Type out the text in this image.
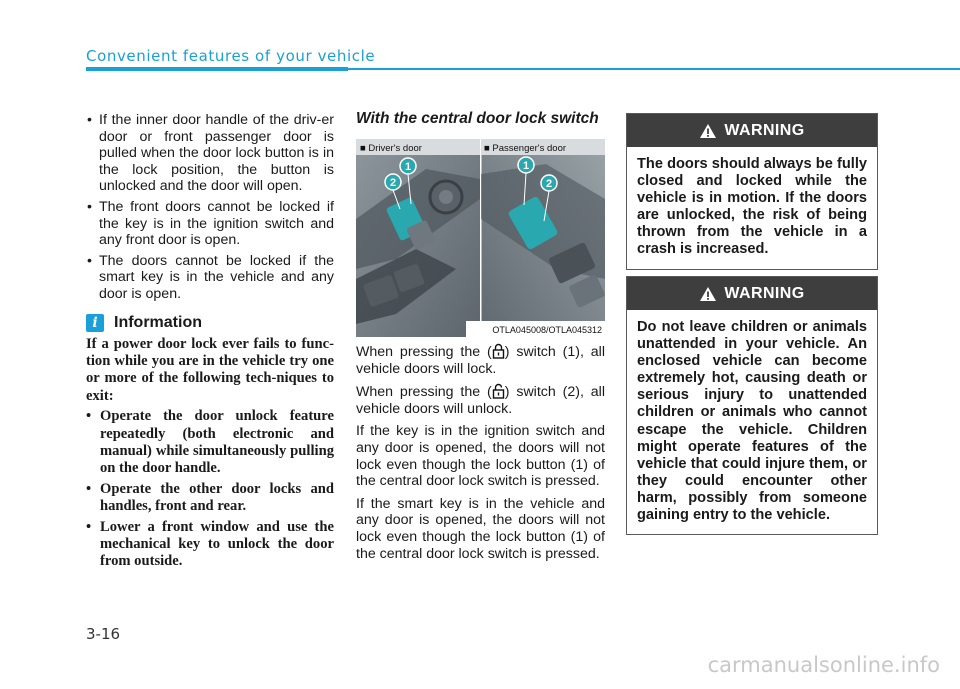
Convenient features of your vehicle

• If the inner door handle of the driv-er door or front passenger door is pulled when the door lock button is in the lock position, the button is unlocked and the door will open.

• The front doors cannot be locked if the key is in the ignition switch and any front door is open.

• The doors cannot be locked if the smart key is in the vehicle and any door is open.

i	Information

If a power door lock ever fails to func-tion while you are in the vehicle try one or more of the following tech-niques to exit:

• Operate the door unlock feature repeatedly (both electronic and manual) while simultaneously pulling on the door handle.

• Operate the other door locks and handles, front and rear.

• Lower a front window and use the mechanical key to unlock the door from outside.

With the central door lock switch
1
2
1
2
■ Driver's door	■ Passenger's door
OTLA045008/OTLA045312

When pressing the ( ) switch (1), all vehicle doors will lock.

When pressing the ( ) switch (2), all vehicle doors will unlock.

If the key is in the ignition switch and any door is opened, the doors will not lock even though the lock button (1) of the central door lock switch is pressed.

If the smart key is in the vehicle and any door is opened, the doors will not lock even though the lock button (1) of the central door lock switch is pressed.

WARNING
The doors should always be fully closed and locked while the vehicle is in motion. If the doors are unlocked, the risk of being thrown from the vehicle in a crash is increased.
WARNING
Do not leave children or animals unattended in your vehicle. An enclosed vehicle can become extremely hot, causing death or serious injury to unattended children or animals who cannot escape the vehicle. Children might operate features of the vehicle that could injure them, or they could encounter other harm, possibly from someone gaining entry to the vehicle.
3-16
carmanualsonline.info
